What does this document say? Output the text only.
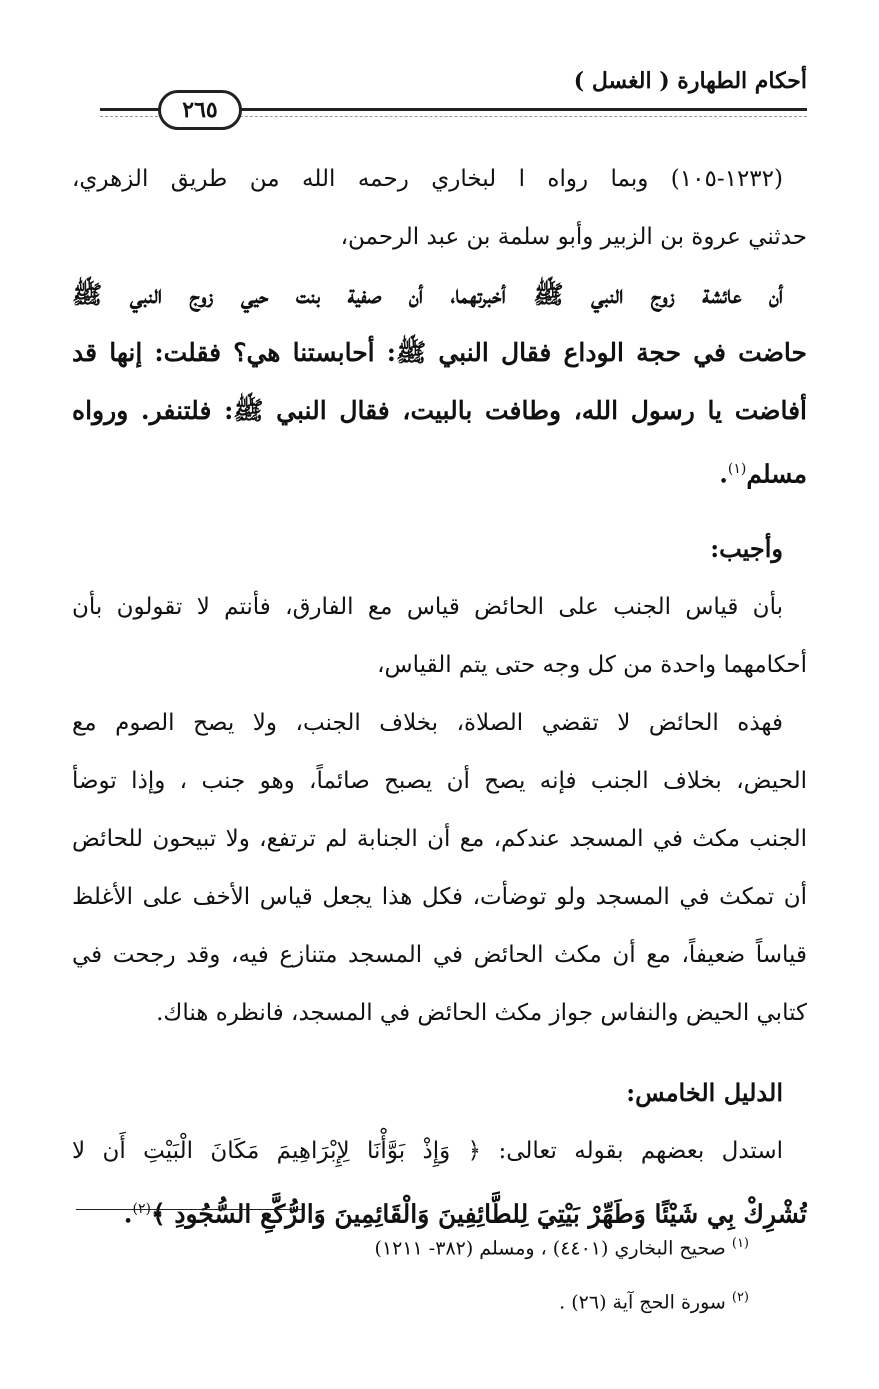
أحكام الطهارة ( الغسل )
٢٦٥
(١٢٣٢-١٠٥) وبما رواه ا لبخاري رحمه الله من طريق الزهري،
حدثني عروة بن الزبير وأبو سلمة بن عبد الرحمن،
أن عائشة زوج النبي ﷺ أخبرتهما، أن صفية بنت حيي زوج النبي ﷺ
حاضت في حجة الوداع فقال النبي ﷺ: أحابستنا هي؟ فقلت: إنها قد
أفاضت يا رسول الله، وطافت بالبيت، فقال النبي ﷺ: فلتنفر. ورواه
مسلم$^{(١)}$.
وأجيب:
بأن قياس الجنب على الحائض قياس مع الفارق، فأنتم لا تقولون بأن
أحكامهما واحدة من كل وجه حتى يتم القياس،
فهذه الحائض لا تقضي الصلاة، بخلاف الجنب، ولا يصح الصوم مع
الحيض، بخلاف الجنب فإنه يصح أن يصبح صائماً، وهو جنب ، وإذا توضأ
الجنب مكث في المسجد عندكم، مع أن الجنابة لم ترتفع، ولا تبيحون للحائض
أن تمكث في المسجد ولو توضأت، فكل هذا يجعل قياس الأخف على الأغلظ
قياساً ضعيفاً، مع أن مكث الحائض في المسجد متنازع فيه، وقد رجحت في
كتابي الحيض والنفاس جواز مكث الحائض في المسجد، فانظره هناك.
الدليل الخامس:
استدل بعضهم بقوله تعالى: ﴿ وَإِذْ بَوَّأْنَا لِإِبْرَاهِيمَ مَكَانَ الْبَيْتِ أَن لا
تُشْرِكْ بِي شَيْئًا وَطَهِّرْ بَيْتِيَ لِلطَّائِفِينَ وَالْقَائِمِينَ وَالرُّكَّعِ السُّجُودِ ﴾$^{(٢)}$.
$^{(١)}$ صحيح البخاري (٤٤٠١) ، ومسلم (٣٨٢- ١٢١١)
$^{(٢)}$ سورة الحج آية (٢٦) .
